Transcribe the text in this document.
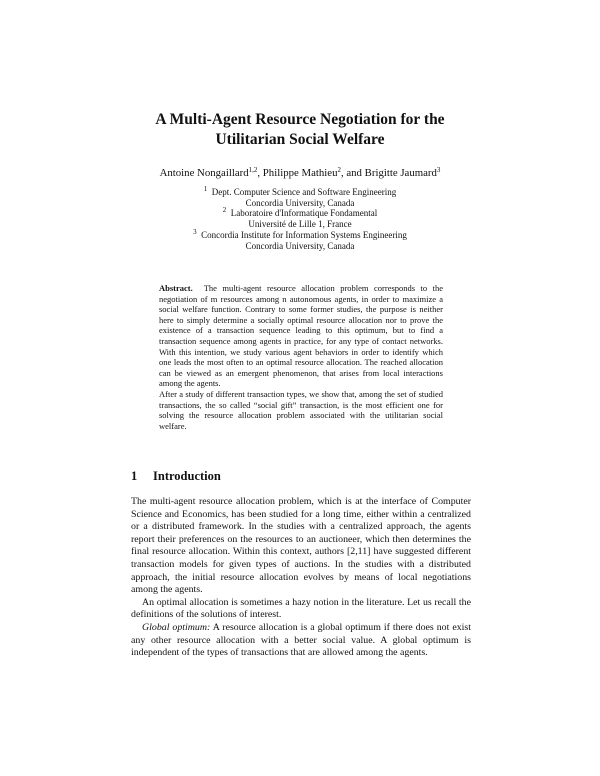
A Multi-Agent Resource Negotiation for the
Utilitarian Social Welfare
Antoine Nongaillard$^{1,2}$, Philippe Mathieu$^2$, and Brigitte Jaumard$^3$
$^1$ Dept. Computer Science and Software Engineering
Concordia University, Canada
$^2$ Laboratoire d'Informatique Fondamental
Université de Lille 1, France
$^3$ Concordia Institute for Information Systems Engineering
Concordia University, Canada

Abstract. The multi-agent resource allocation problem corresponds to the negotiation of m resources among n autonomous agents, in order to maximize a social welfare function. Contrary to some former studies, the purpose is neither here to simply determine a socially optimal resource allocation nor to prove the existence of a transaction sequence leading to this optimum, but to find a transaction sequence among agents in practice, for any type of contact networks. With this intention, we study various agent behaviors in order to identify which one leads the most often to an optimal resource allocation. The reached allocation can be viewed as an emergent phenomenon, that arises from local interactions among the agents.

After a study of different transaction types, we show that, among the set of studied transactions, the so called “social gift” transaction, is the most efficient one for solving the resource allocation problem associated with the utilitarian social welfare.

1 Introduction

The multi-agent resource allocation problem, which is at the interface of Computer Science and Economics, has been studied for a long time, either within a centralized or a distributed framework. In the studies with a centralized approach, the agents report their preferences on the resources to an auctioneer, which then determines the final resource allocation. Within this context, authors [2,11] have suggested different transaction models for given types of auctions. In the studies with a distributed approach, the initial resource allocation evolves by means of local negotiations among the agents.

An optimal allocation is sometimes a hazy notion in the literature. Let us recall the definitions of the solutions of interest.

Global optimum: A resource allocation is a global optimum if there does not exist any other resource allocation with a better social value. A global optimum is independent of the types of transactions that are allowed among the agents.
